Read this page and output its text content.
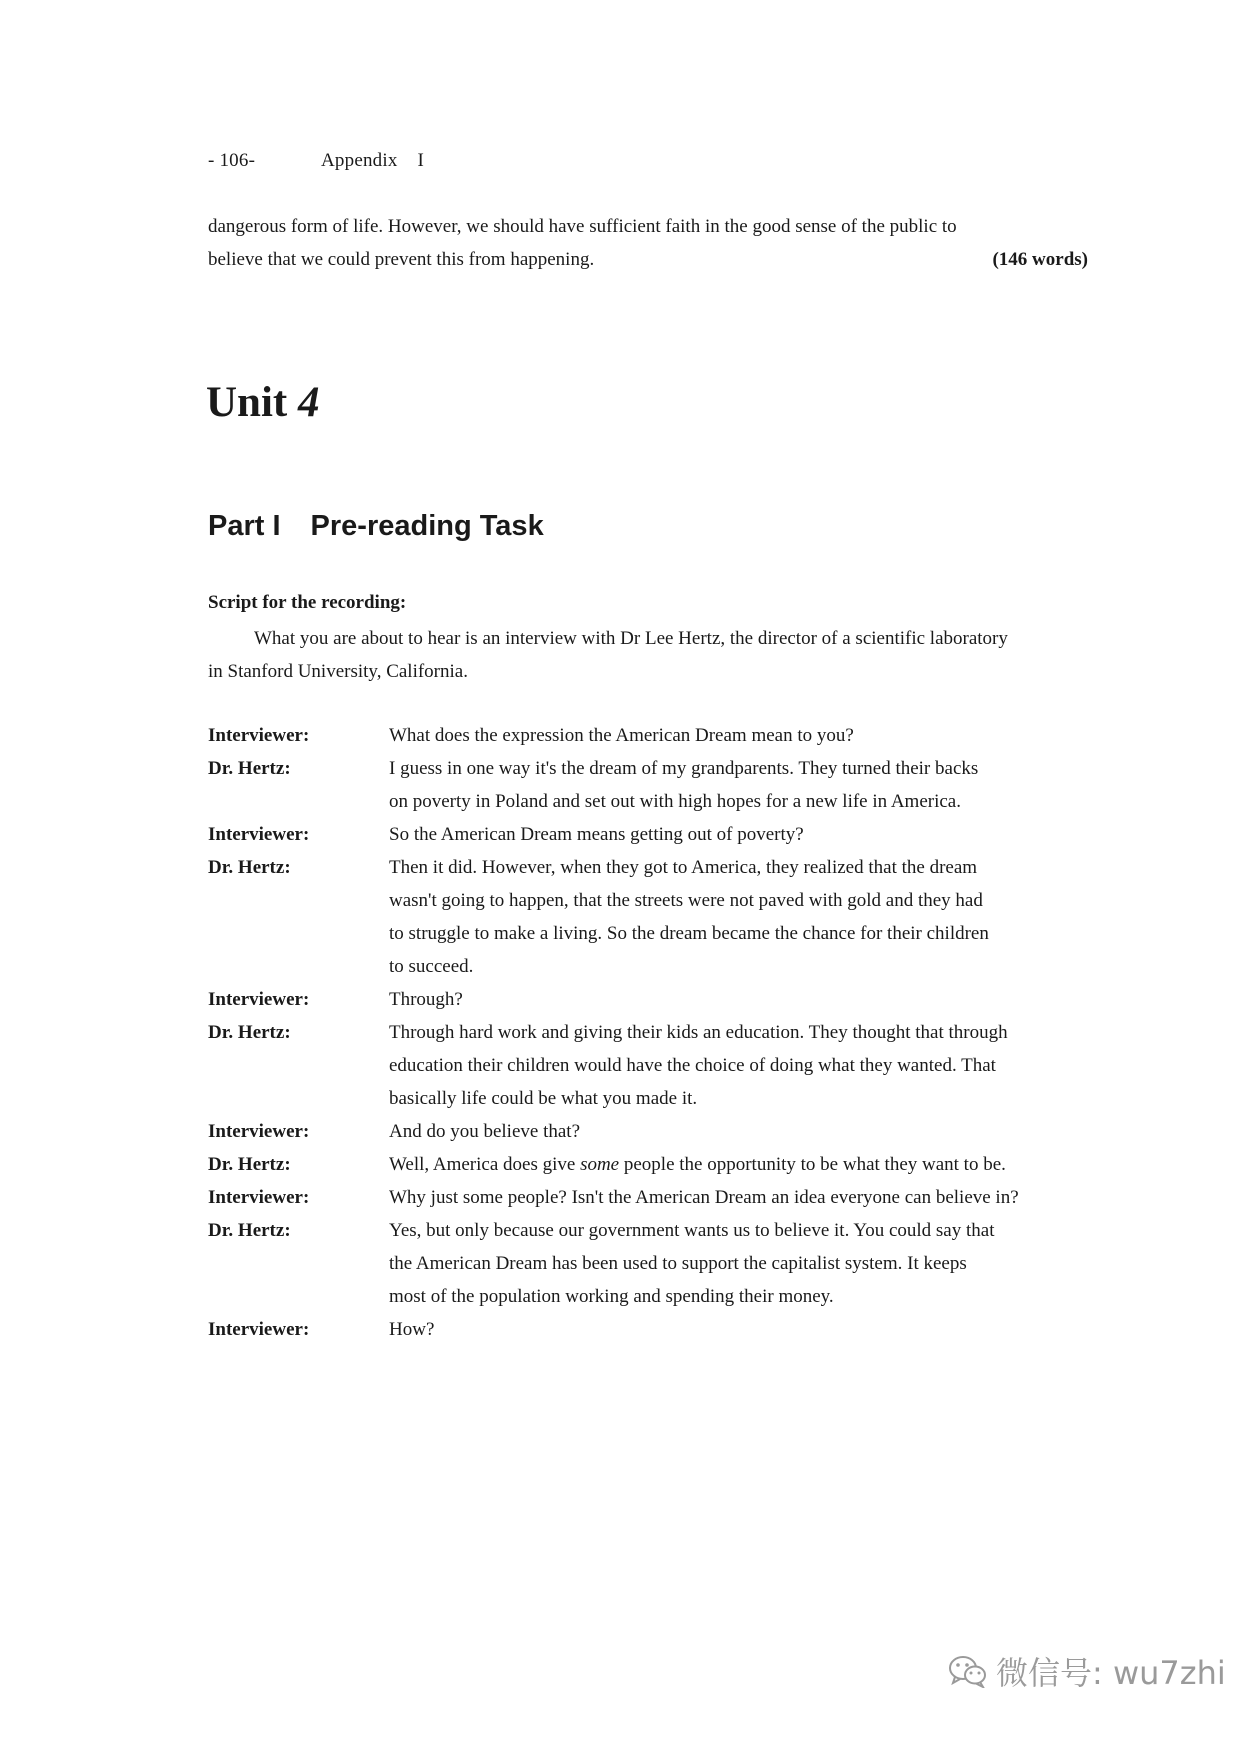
- 106-	Appendix I
dangerous form of life. However, we should have sufficient faith in the good sense of the public to
believe that we could prevent this from happening.	(146 words)
Unit 4
Part I Pre-reading Task
Script for the recording:
What you are about to hear is an interview with Dr Lee Hertz, the director of a scientific laboratory
in Stanford University, California.
Interviewer:	What does the expression the American Dream mean to you?
Dr. Hertz:	I guess in one way it's the dream of my grandparents. They turned their backs
on poverty in Poland and set out with high hopes for a new life in America.
Interviewer:	So the American Dream means getting out of poverty?
Dr. Hertz:	Then it did. However, when they got to America, they realized that the dream
wasn't going to happen, that the streets were not paved with gold and they had
to struggle to make a living. So the dream became the chance for their children
to succeed.
Interviewer:	Through?
Dr. Hertz:	Through hard work and giving their kids an education. They thought that through
education their children would have the choice of doing what they wanted. That
basically life could be what you made it.
Interviewer:	And do you believe that?
Dr. Hertz:	Well, America does give some people the opportunity to be what they want to be.
Interviewer:	Why just some people? Isn't the American Dream an idea everyone can believe in?
Dr. Hertz:	Yes, but only because our government wants us to believe it. You could say that
the American Dream has been used to support the capitalist system. It keeps
most of the population working and spending their money.
Interviewer:	How?
微信号: wu7zhi
